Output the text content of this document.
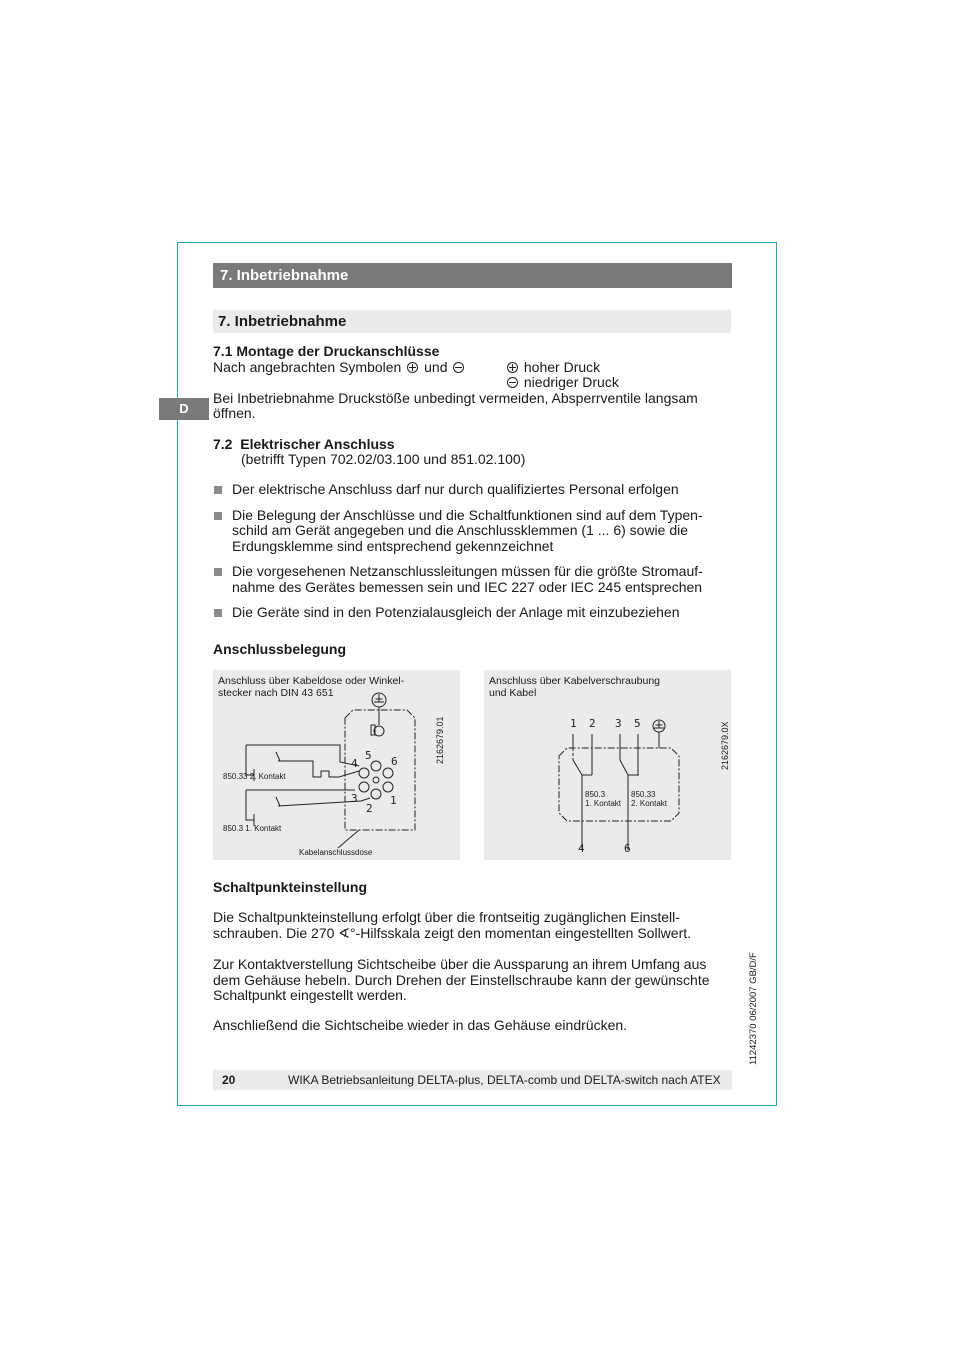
7. Inbetriebnahme
7. Inbetriebnahme
D

7.1 Montage der Druckanschlüsse

Nach angebrachten Symbolen und	hoher Druck

niedriger Druck

Bei Inbetriebnahme Druckstöße unbedingt vermeiden, Absperrventile langsam

öffnen.

7.2 Elektrischer Anschluss

(betrifft Typen 702.02/03.100 und 851.02.100)

Der elektrische Anschluss darf nur durch qualifiziertes Personal erfolgen
Die Belegung der Anschlüsse und die Schaltfunktionen sind auf dem Typen-
schild am Gerät angegeben und die Anschlussklemmen (1 ... 6) sowie die
Erdungsklemme sind entsprechend gekennzeichnet
Die vorgesehenen Netzanschlussleitungen müssen für die größte Stromauf-
nahme des Gerätes bemessen sein und IEC 227 oder IEC 245 entsprechen
Die Geräte sind in den Potenzialausgleich der Anlage mit einzubeziehen

Anschlussbelegung

5
4	6
3
2
1
Anschluss über Kabeldose oder Winkel-
stecker nach DIN 43 651
850.33 2. Kontakt
850.3 1. Kontakt
Kabelanschlussdose
2162679.01	1 2 3 5
4	6
Anschluss über Kabelverschraubung
und Kabel
850.3
1. Kontakt
850.33
2. Kontakt
2162679.0X

Schaltpunkteinstellung

Die Schaltpunkteinstellung erfolgt über die frontseitig zugänglichen Einstell-
schrauben. Die 270 ∢°-Hilfsskala zeigt den momentan eingestellten Sollwert.

Zur Kontaktverstellung Sichtscheibe über die Aussparung an ihrem Umfang aus
dem Gehäuse hebeln. Durch Drehen der Einstellschraube kann der gewünschte
Schaltpunkt eingestellt werden.

Anschließend die Sichtscheibe wieder in das Gehäuse eindrücken.	11242370 06/2007 GB/D/F
20	WIKA Betriebsanleitung DELTA-plus, DELTA-comb und DELTA-switch nach ATEX
